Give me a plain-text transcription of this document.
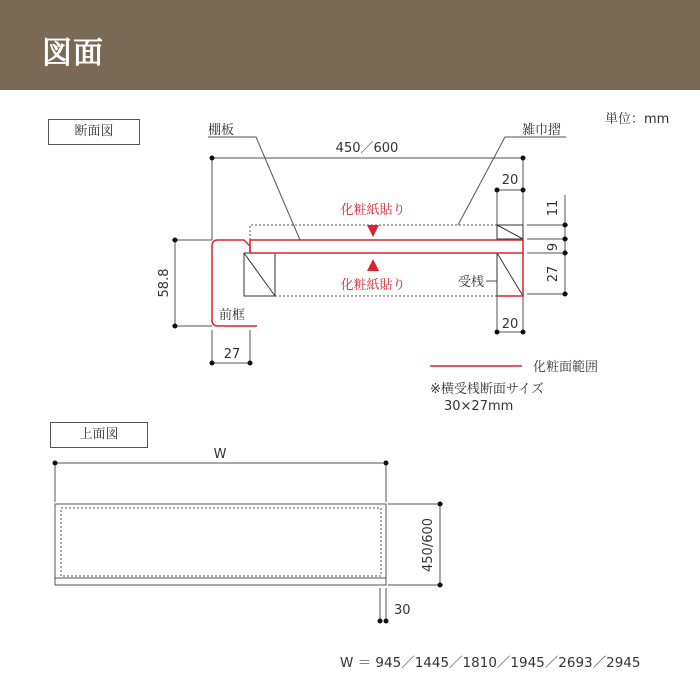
図面
断面図
上面図
単位：mm
棚板	雑巾摺
450／600
20
20
27
前框
受桟
化粧紙貼り
化粧紙貼り
化粧面範囲
※横受桟断面サイズ
30×27mm
W
30
W ＝ 945／1445／1810／1945／2693／2945
11
9
27
58.8
450/600
